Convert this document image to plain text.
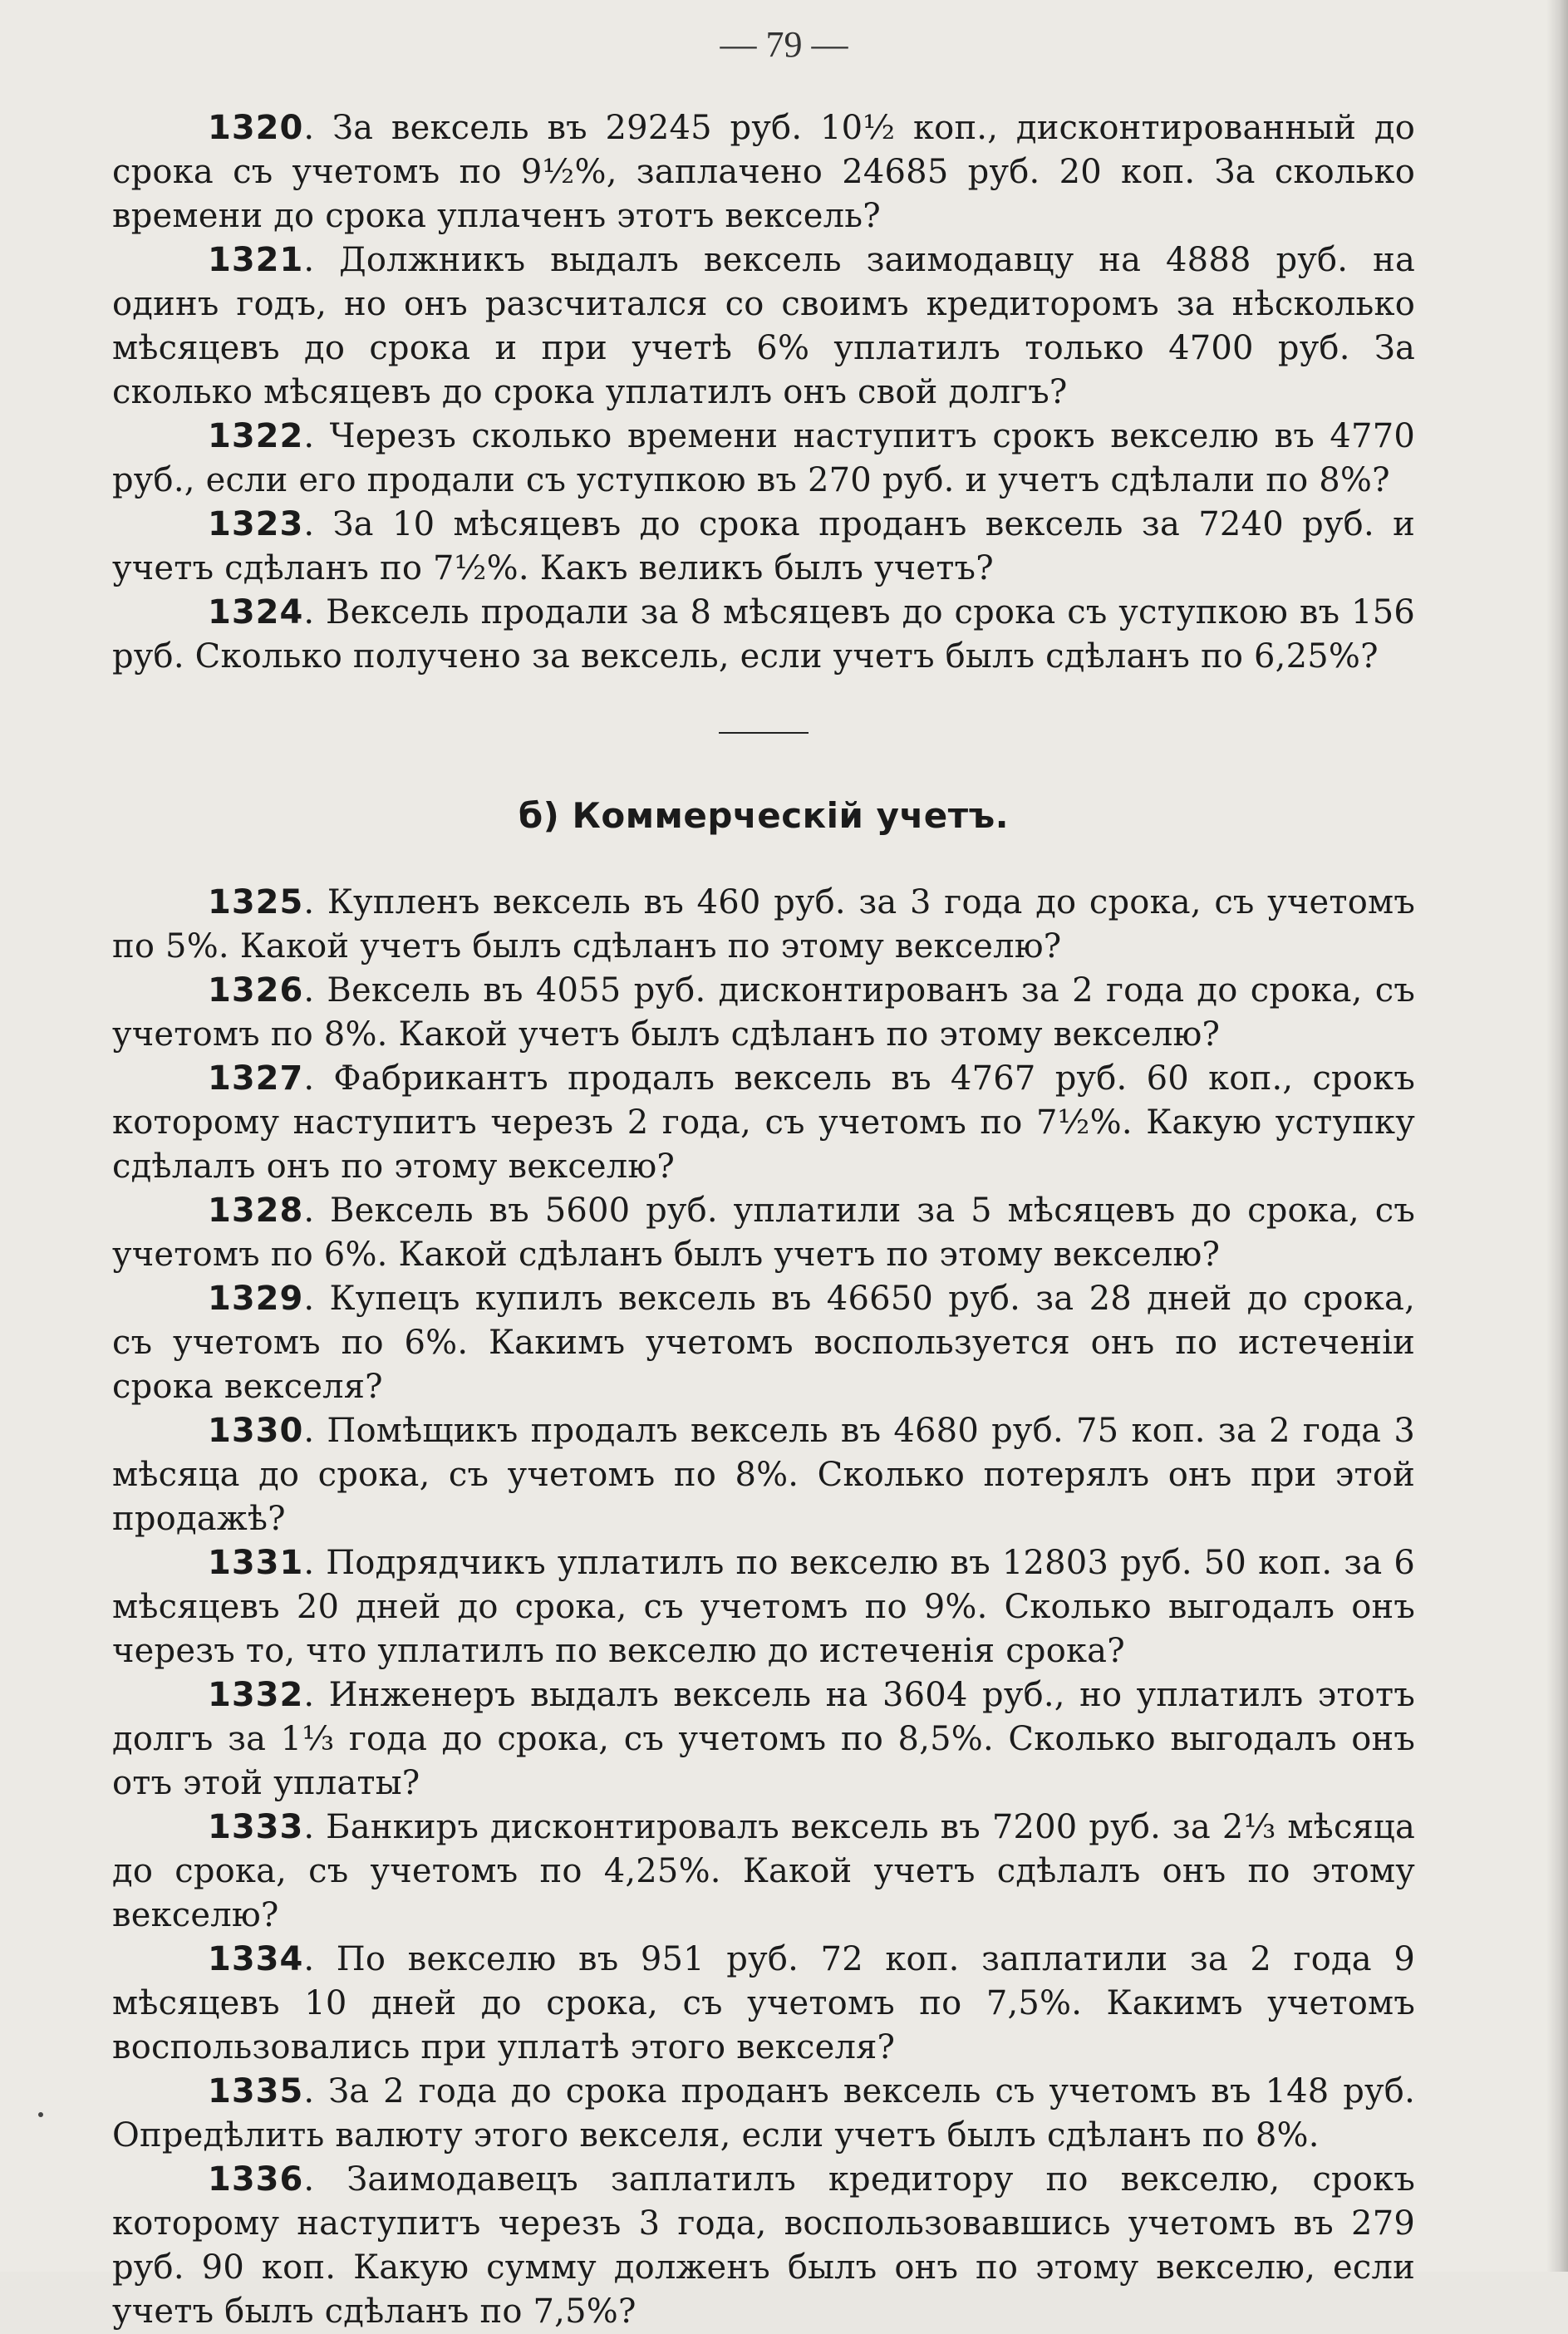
— 79 —

1320. За вексель въ 29245 руб. 10½ коп., дисконтированный до срока съ учетомъ по 9½%, заплачено 24685 руб. 20 коп. За сколько времени до срока уплаченъ этотъ вексель?

1321. Должникъ выдалъ вексель заимодавцу на 4888 руб. на одинъ годъ, но онъ разсчитался со своимъ кредиторомъ за нѣсколько мѣсяцевъ до срока и при учетѣ 6% уплатилъ только 4700 руб. За сколько мѣсяцевъ до срока уплатилъ онъ свой долгъ?

1322. Черезъ сколько времени наступитъ срокъ векселю въ 4770 руб., если его продали съ уступкою въ 270 руб. и учетъ сдѣлали по 8%?

1323. За 10 мѣсяцевъ до срока проданъ вексель за 7240 руб. и учетъ сдѣланъ по 7½%. Какъ великъ былъ учетъ?

1324. Вексель продали за 8 мѣсяцевъ до срока съ уступкою въ 156 руб. Сколько получено за вексель, если учетъ былъ сдѣланъ по 6,25%?

б) Коммерческiй учетъ.

1325. Купленъ вексель въ 460 руб. за 3 года до срока, съ учетомъ по 5%. Какой учетъ былъ сдѣланъ по этому векселю?

1326. Вексель въ 4055 руб. дисконтированъ за 2 года до срока, съ учетомъ по 8%. Какой учетъ былъ сдѣланъ по этому векселю?

1327. Фабрикантъ продалъ вексель въ 4767 руб. 60 коп., срокъ которому наступитъ черезъ 2 года, съ учетомъ по 7½%. Какую уступку сдѣлалъ онъ по этому векселю?

1328. Вексель въ 5600 руб. уплатили за 5 мѣсяцевъ до срока, съ учетомъ по 6%. Какой сдѣланъ былъ учетъ по этому векселю?

1329. Купецъ купилъ вексель въ 46650 руб. за 28 дней до срока, съ учетомъ по 6%. Какимъ учетомъ воспользуется онъ по истеченiи срока векселя?

1330. Помѣщикъ продалъ вексель въ 4680 руб. 75 коп. за 2 года 3 мѣсяца до срока, съ учетомъ по 8%. Сколько потерялъ онъ при этой продажѣ?

1331. Подрядчикъ уплатилъ по векселю въ 12803 руб. 50 коп. за 6 мѣсяцевъ 20 дней до срока, съ учетомъ по 9%. Сколько выгодалъ онъ черезъ то, что уплатилъ по векселю до истеченiя срока?

1332. Инженеръ выдалъ вексель на 3604 руб., но уплатилъ этотъ долгъ за 1⅓ года до срока, съ учетомъ по 8,5%. Сколько выгодалъ онъ отъ этой уплаты?

1333. Банкиръ дисконтировалъ вексель въ 7200 руб. за 2⅓ мѣсяца до срока, съ учетомъ по 4,25%. Какой учетъ сдѣлалъ онъ по этому векселю?

1334. По векселю въ 951 руб. 72 коп. заплатили за 2 года 9 мѣсяцевъ 10 дней до срока, съ учетомъ по 7,5%. Какимъ учетомъ воспользовались при уплатѣ этого векселя?

1335. За 2 года до срока проданъ вексель съ учетомъ въ 148 руб. Опредѣлить валюту этого векселя, если учетъ былъ сдѣланъ по 8%.

1336. Заимодавецъ заплатилъ кредитору по векселю, срокъ которому наступитъ черезъ 3 года, воспользовавшись учетомъ въ 279 руб. 90 коп. Какую сумму долженъ былъ онъ по этому векселю, если учетъ былъ сдѣланъ по 7,5%?
